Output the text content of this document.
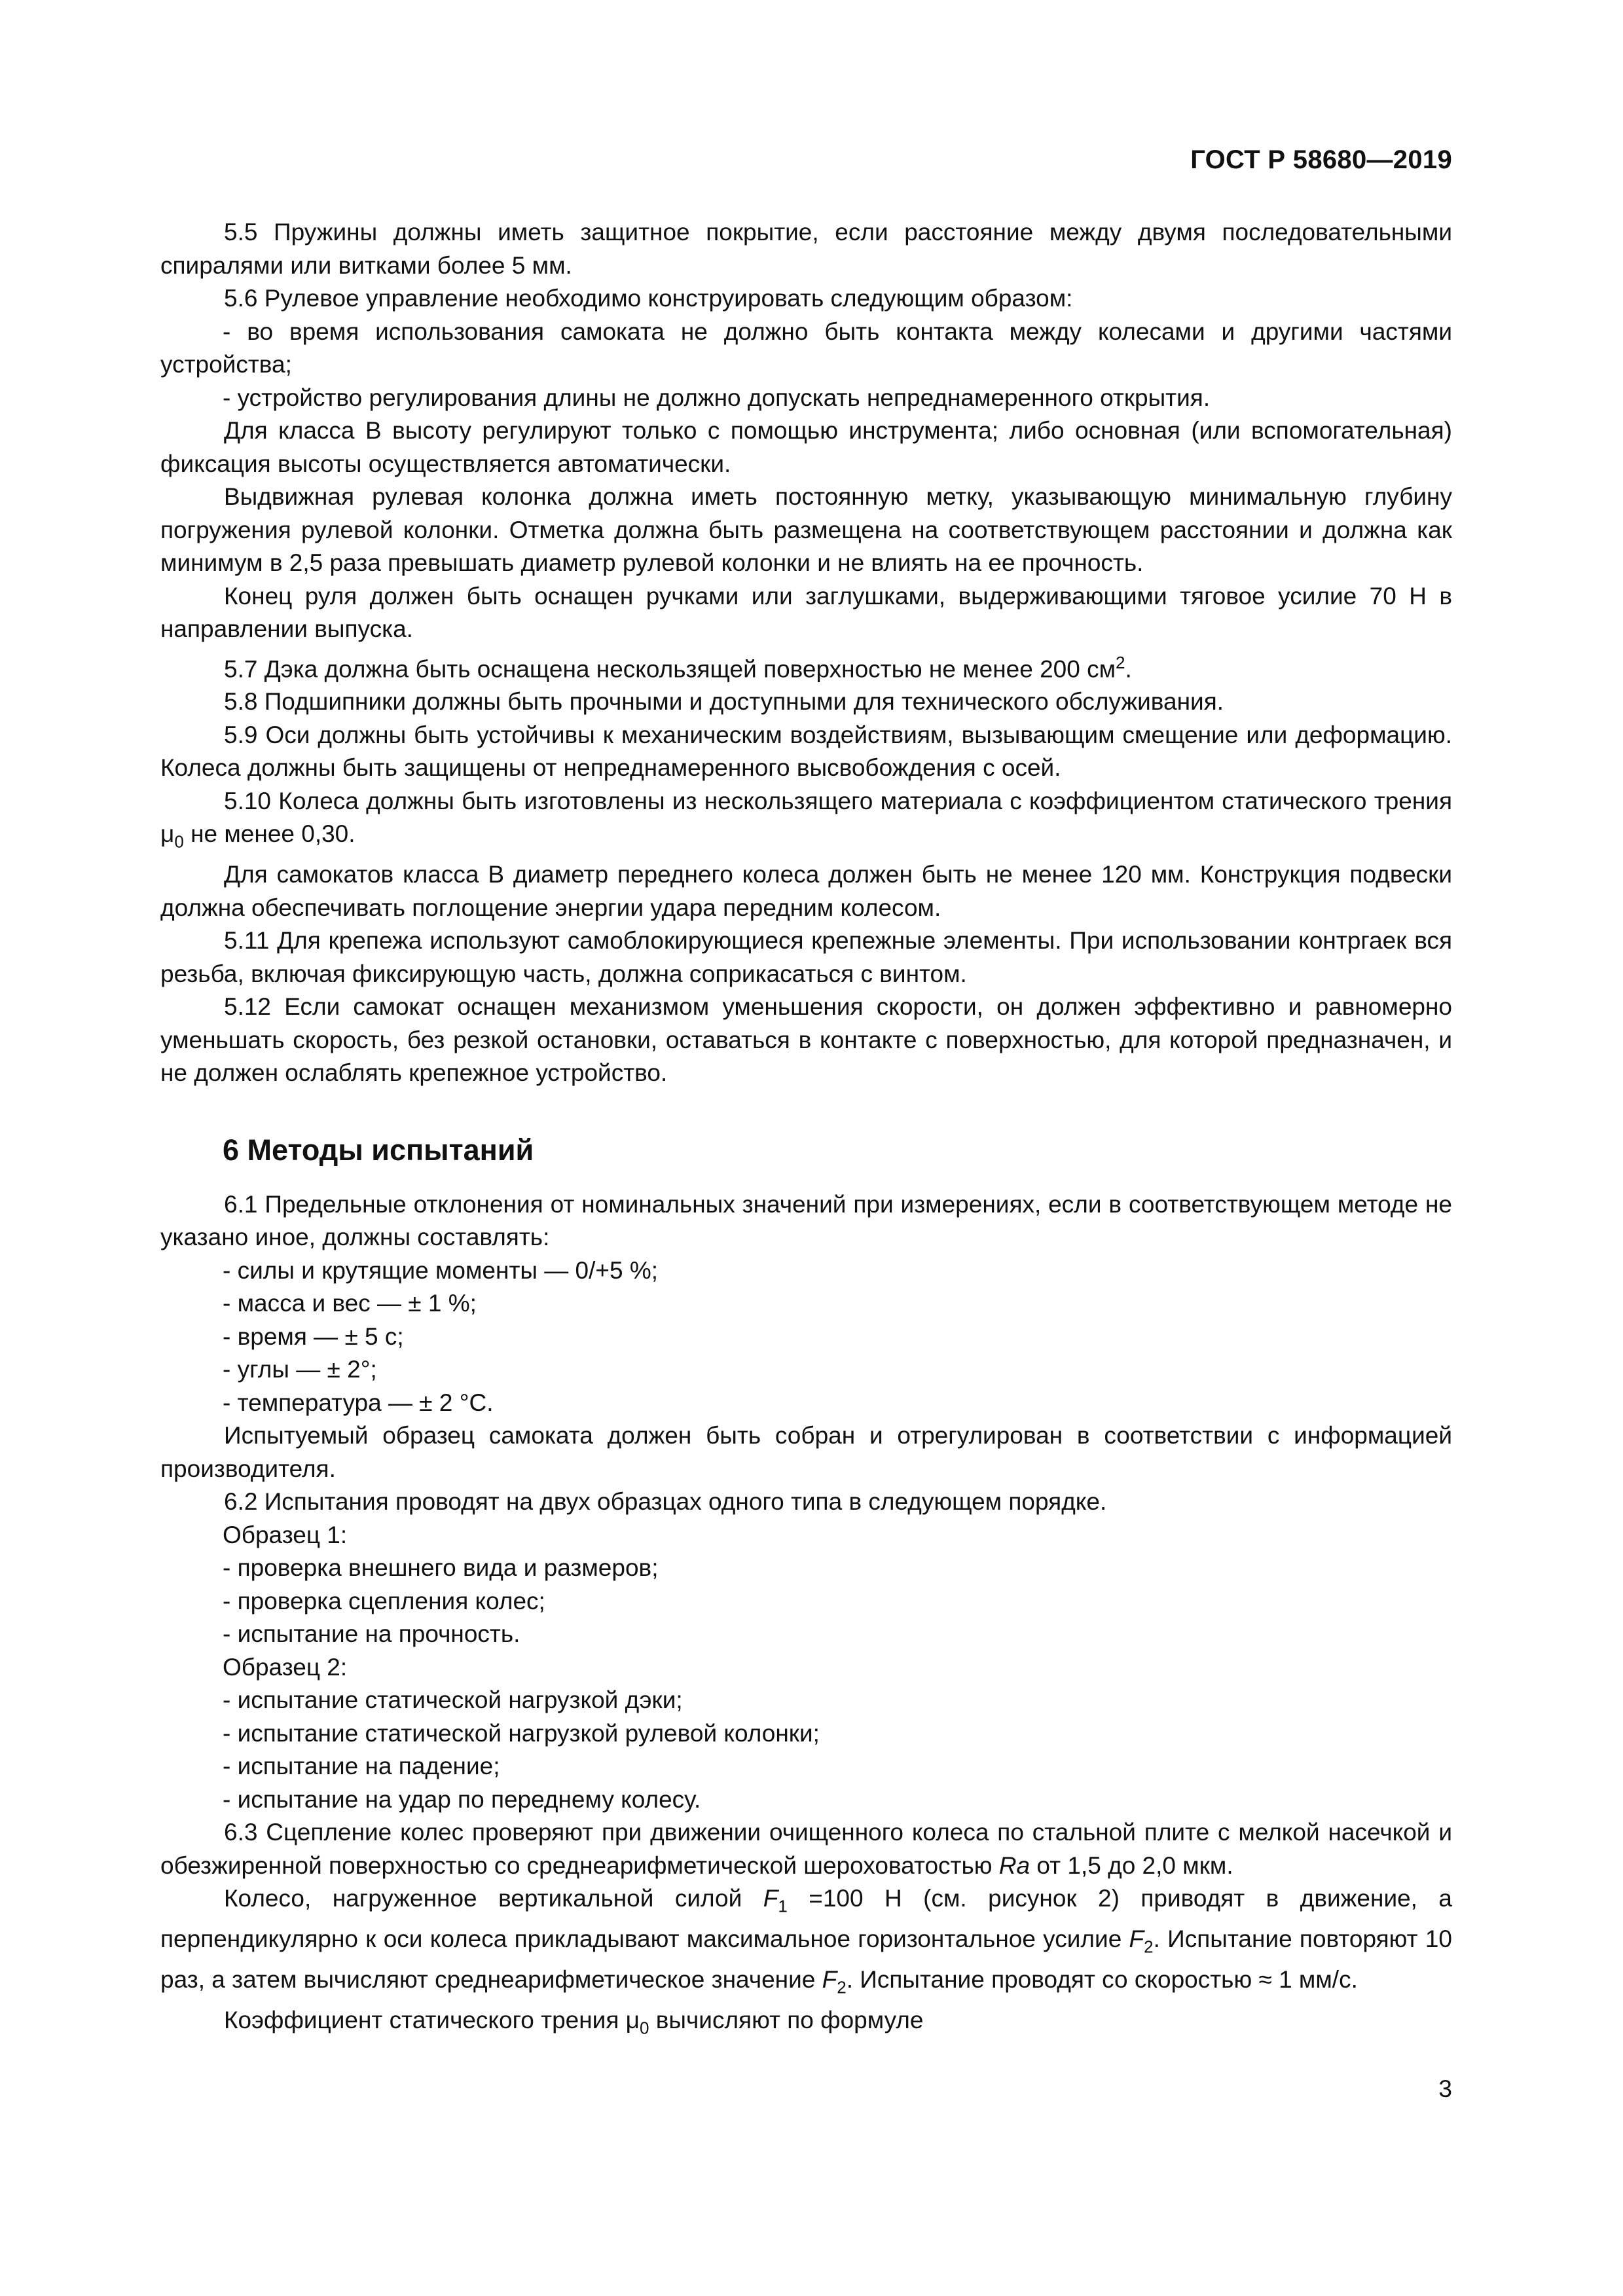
ГОСТ Р 58680—2019

5.5 Пружины должны иметь защитное покрытие, если расстояние между двумя последовательными спиралями или витками более 5 мм.

5.6 Рулевое управление необходимо конструировать следующим образом:

- во время использования самоката не должно быть контакта между колесами и другими частями устройства;

- устройство регулирования длины не должно допускать непреднамеренного открытия.

Для класса В высоту регулируют только с помощью инструмента; либо основная (или вспомогательная) фиксация высоты осуществляется автоматически.

Выдвижная рулевая колонка должна иметь постоянную метку, указывающую минимальную глубину погружения рулевой колонки. Отметка должна быть размещена на соответствующем расстоянии и должна как минимум в 2,5 раза превышать диаметр рулевой колонки и не влиять на ее прочность.

Конец руля должен быть оснащен ручками или заглушками, выдерживающими тяговое усилие 70 Н в направлении выпуска.

5.7 Дэка должна быть оснащена нескользящей поверхностью не менее 200 $см^2$.

5.8 Подшипники должны быть прочными и доступными для технического обслуживания.

5.9 Оси должны быть устойчивы к механическим воздействиям, вызывающим смещение или деформацию. Колеса должны быть защищены от непреднамеренного высвобождения с осей.

5.10 Колеса должны быть изготовлены из нескользящего материала с коэффициентом статического трения $\mu_0$ не менее 0,30.

Для самокатов класса В диаметр переднего колеса должен быть не менее 120 мм. Конструкция подвески должна обеспечивать поглощение энергии удара передним колесом.

5.11 Для крепежа используют самоблокирующиеся крепежные элементы. При использовании контргаек вся резьба, включая фиксирующую часть, должна соприкасаться с винтом.

5.12 Если самокат оснащен механизмом уменьшения скорости, он должен эффективно и равномерно уменьшать скорость, без резкой остановки, оставаться в контакте с поверхностью, для которой предназначен, и не должен ослаблять крепежное устройство.

6 Методы испытаний

6.1 Предельные отклонения от номинальных значений при измерениях, если в соответствующем методе не указано иное, должны составлять:

- силы и крутящие моменты — 0/+5 %;

- масса и вес — ± 1 %;

- время — ± 5 с;

- углы — ± 2°;

- температура — ± 2 °С.

Испытуемый образец самоката должен быть собран и отрегулирован в соответствии с информацией производителя.

6.2 Испытания проводят на двух образцах одного типа в следующем порядке.

Образец 1:

- проверка внешнего вида и размеров;

- проверка сцепления колес;

- испытание на прочность.

Образец 2:

- испытание статической нагрузкой дэки;

- испытание статической нагрузкой рулевой колонки;

- испытание на падение;

- испытание на удар по переднему колесу.

6.3 Сцепление колес проверяют при движении очищенного колеса по стальной плите с мелкой насечкой и обезжиренной поверхностью со среднеарифметической шероховатостью Ra от 1,5 до 2,0 мкм.

Колесо, нагруженное вертикальной силой $F_1 =100$ Н (см. рисунок 2) приводят в движение, а перпендикулярно к оси колеса прикладывают максимальное горизонтальное усилие $F_2$. Испытание повторяют 10 раз, а затем вычисляют среднеарифметическое значение $F_2$. Испытание проводят со скоростью ≈ 1 мм/с.

Коэффициент статического трения $\mu_0$ вычисляют по формуле

3
